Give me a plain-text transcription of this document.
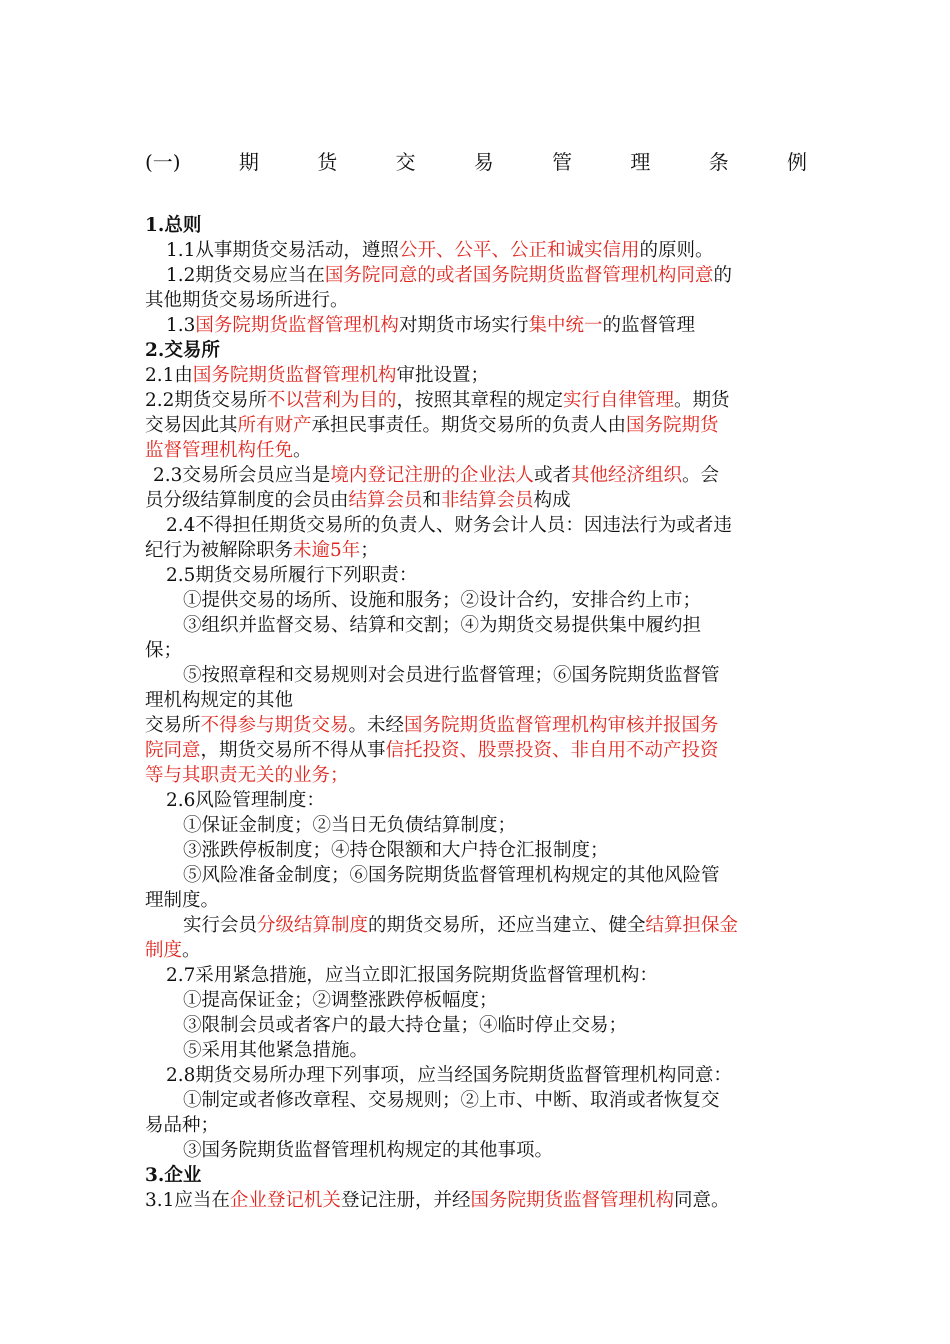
(一)	期	货	交	易	管	理	条	例
1.总则
1.1从事期货交易活动，遵照公开、公平、公正和诚实信用的原则。
1.2期货交易应当在国务院同意的或者国务院期货监督管理机构同意的
其他期货交易场所进行。
1.3国务院期货监督管理机构对期货市场实行集中统一的监督管理
2.交易所
2.1由国务院期货监督管理机构审批设置；
2.2期货交易所不以营利为目的，按照其章程的规定实行自律管理。期货
交易因此其所有财产承担民事责任。期货交易所的负责人由国务院期货
监督管理机构任免。
2.3交易所会员应当是境内登记注册的企业法人或者其他经济组织。会
员分级结算制度的会员由结算会员和非结算会员构成
2.4不得担任期货交易所的负责人、财务会计人员：因违法行为或者违
纪行为被解除职务未逾5年；
2.5期货交易所履行下列职责：
①提供交易的场所、设施和服务；②设计合约，安排合约上市；
③组织并监督交易、结算和交割；④为期货交易提供集中履约担
保；
⑤按照章程和交易规则对会员进行监督管理；⑥国务院期货监督管
理机构规定的其他
交易所不得参与期货交易。未经国务院期货监督管理机构审核并报国务
院同意，期货交易所不得从事信托投资、股票投资、非自用不动产投资
等与其职责无关的业务；
2.6风险管理制度：
①保证金制度；②当日无负债结算制度；
③涨跌停板制度；④持仓限额和大户持仓汇报制度；
⑤风险准备金制度；⑥国务院期货监督管理机构规定的其他风险管
理制度。
实行会员分级结算制度的期货交易所，还应当建立、健全结算担保金
制度。
2.7采用紧急措施，应当立即汇报国务院期货监督管理机构：
①提高保证金；②调整涨跌停板幅度；
③限制会员或者客户的最大持仓量；④临时停止交易；
⑤采用其他紧急措施。
2.8期货交易所办理下列事项，应当经国务院期货监督管理机构同意：
①制定或者修改章程、交易规则；②上市、中断、取消或者恢复交
易品种；
③国务院期货监督管理机构规定的其他事项。
3.企业
3.1应当在企业登记机关登记注册，并经国务院期货监督管理机构同意。
